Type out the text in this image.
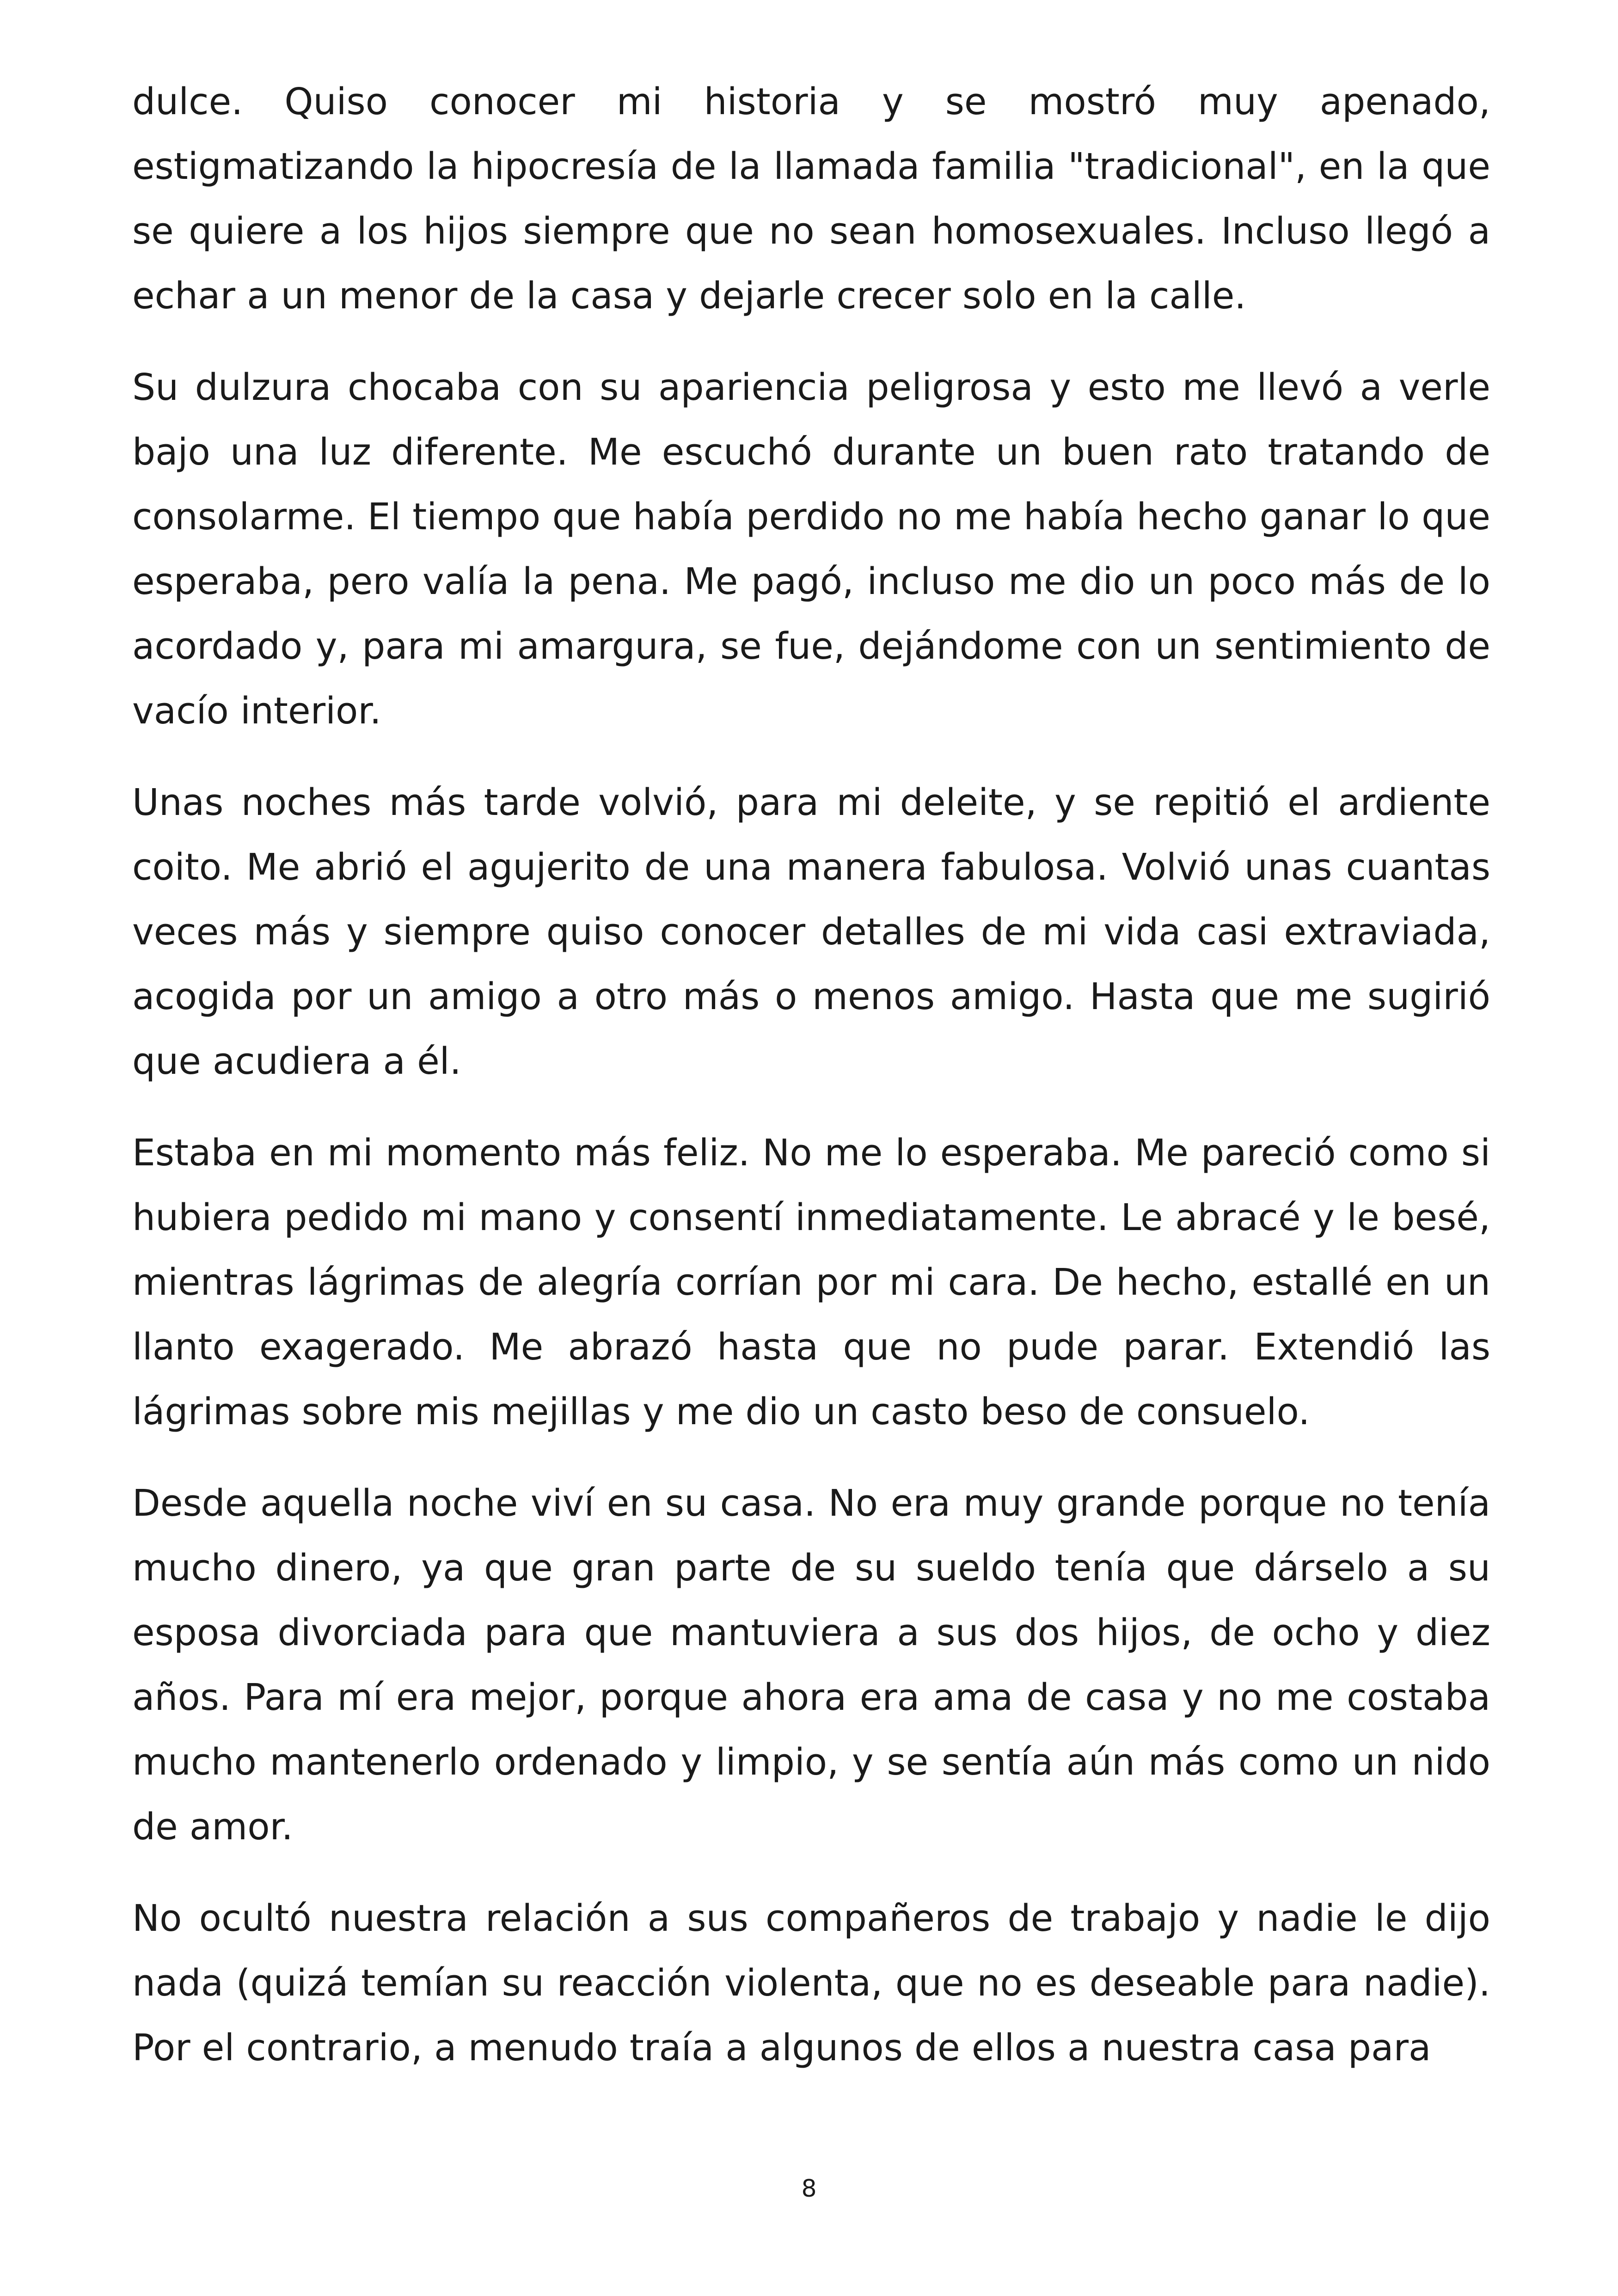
dulce. Quiso conocer mi historia y se mostró muy apenado, estigmatizando la hipocresía de la llamada familia "tradicional", en la que se quiere a los hijos siempre que no sean homosexuales. Incluso llegó a echar a un menor de la casa y dejarle crecer solo en la calle.

Su dulzura chocaba con su apariencia peligrosa y esto me llevó a verle bajo una luz diferente. Me escuchó durante un buen rato tratando de consolarme. El tiempo que había perdido no me había hecho ganar lo que esperaba, pero valía la pena. Me pagó, incluso me dio un poco más de lo acordado y, para mi amargura, se fue, dejándome con un sentimiento de vacío interior.

Unas noches más tarde volvió, para mi deleite, y se repitió el ardiente coito. Me abrió el agujerito de una manera fabulosa. Volvió unas cuantas veces más y siempre quiso conocer detalles de mi vida casi extraviada, acogida por un amigo a otro más o menos amigo. Hasta que me sugirió que acudiera a él.

Estaba en mi momento más feliz. No me lo esperaba. Me pareció como si hubiera pedido mi mano y consentí inmediatamente. Le abracé y le besé, mientras lágrimas de alegría corrían por mi cara. De hecho, estallé en un llanto exagerado. Me abrazó hasta que no pude parar. Extendió las lágrimas sobre mis mejillas y me dio un casto beso de consuelo.

Desde aquella noche viví en su casa. No era muy grande porque no tenía mucho dinero, ya que gran parte de su sueldo tenía que dárselo a su esposa divorciada para que mantuviera a sus dos hijos, de ocho y diez años. Para mí era mejor, porque ahora era ama de casa y no me costaba mucho mantenerlo ordenado y limpio, y se sentía aún más como un nido de amor.

No ocultó nuestra relación a sus compañeros de trabajo y nadie le dijo nada (quizá temían su reacción violenta, que no es deseable para nadie). Por el contrario, a menudo traía a algunos de ellos a nuestra casa para

8
